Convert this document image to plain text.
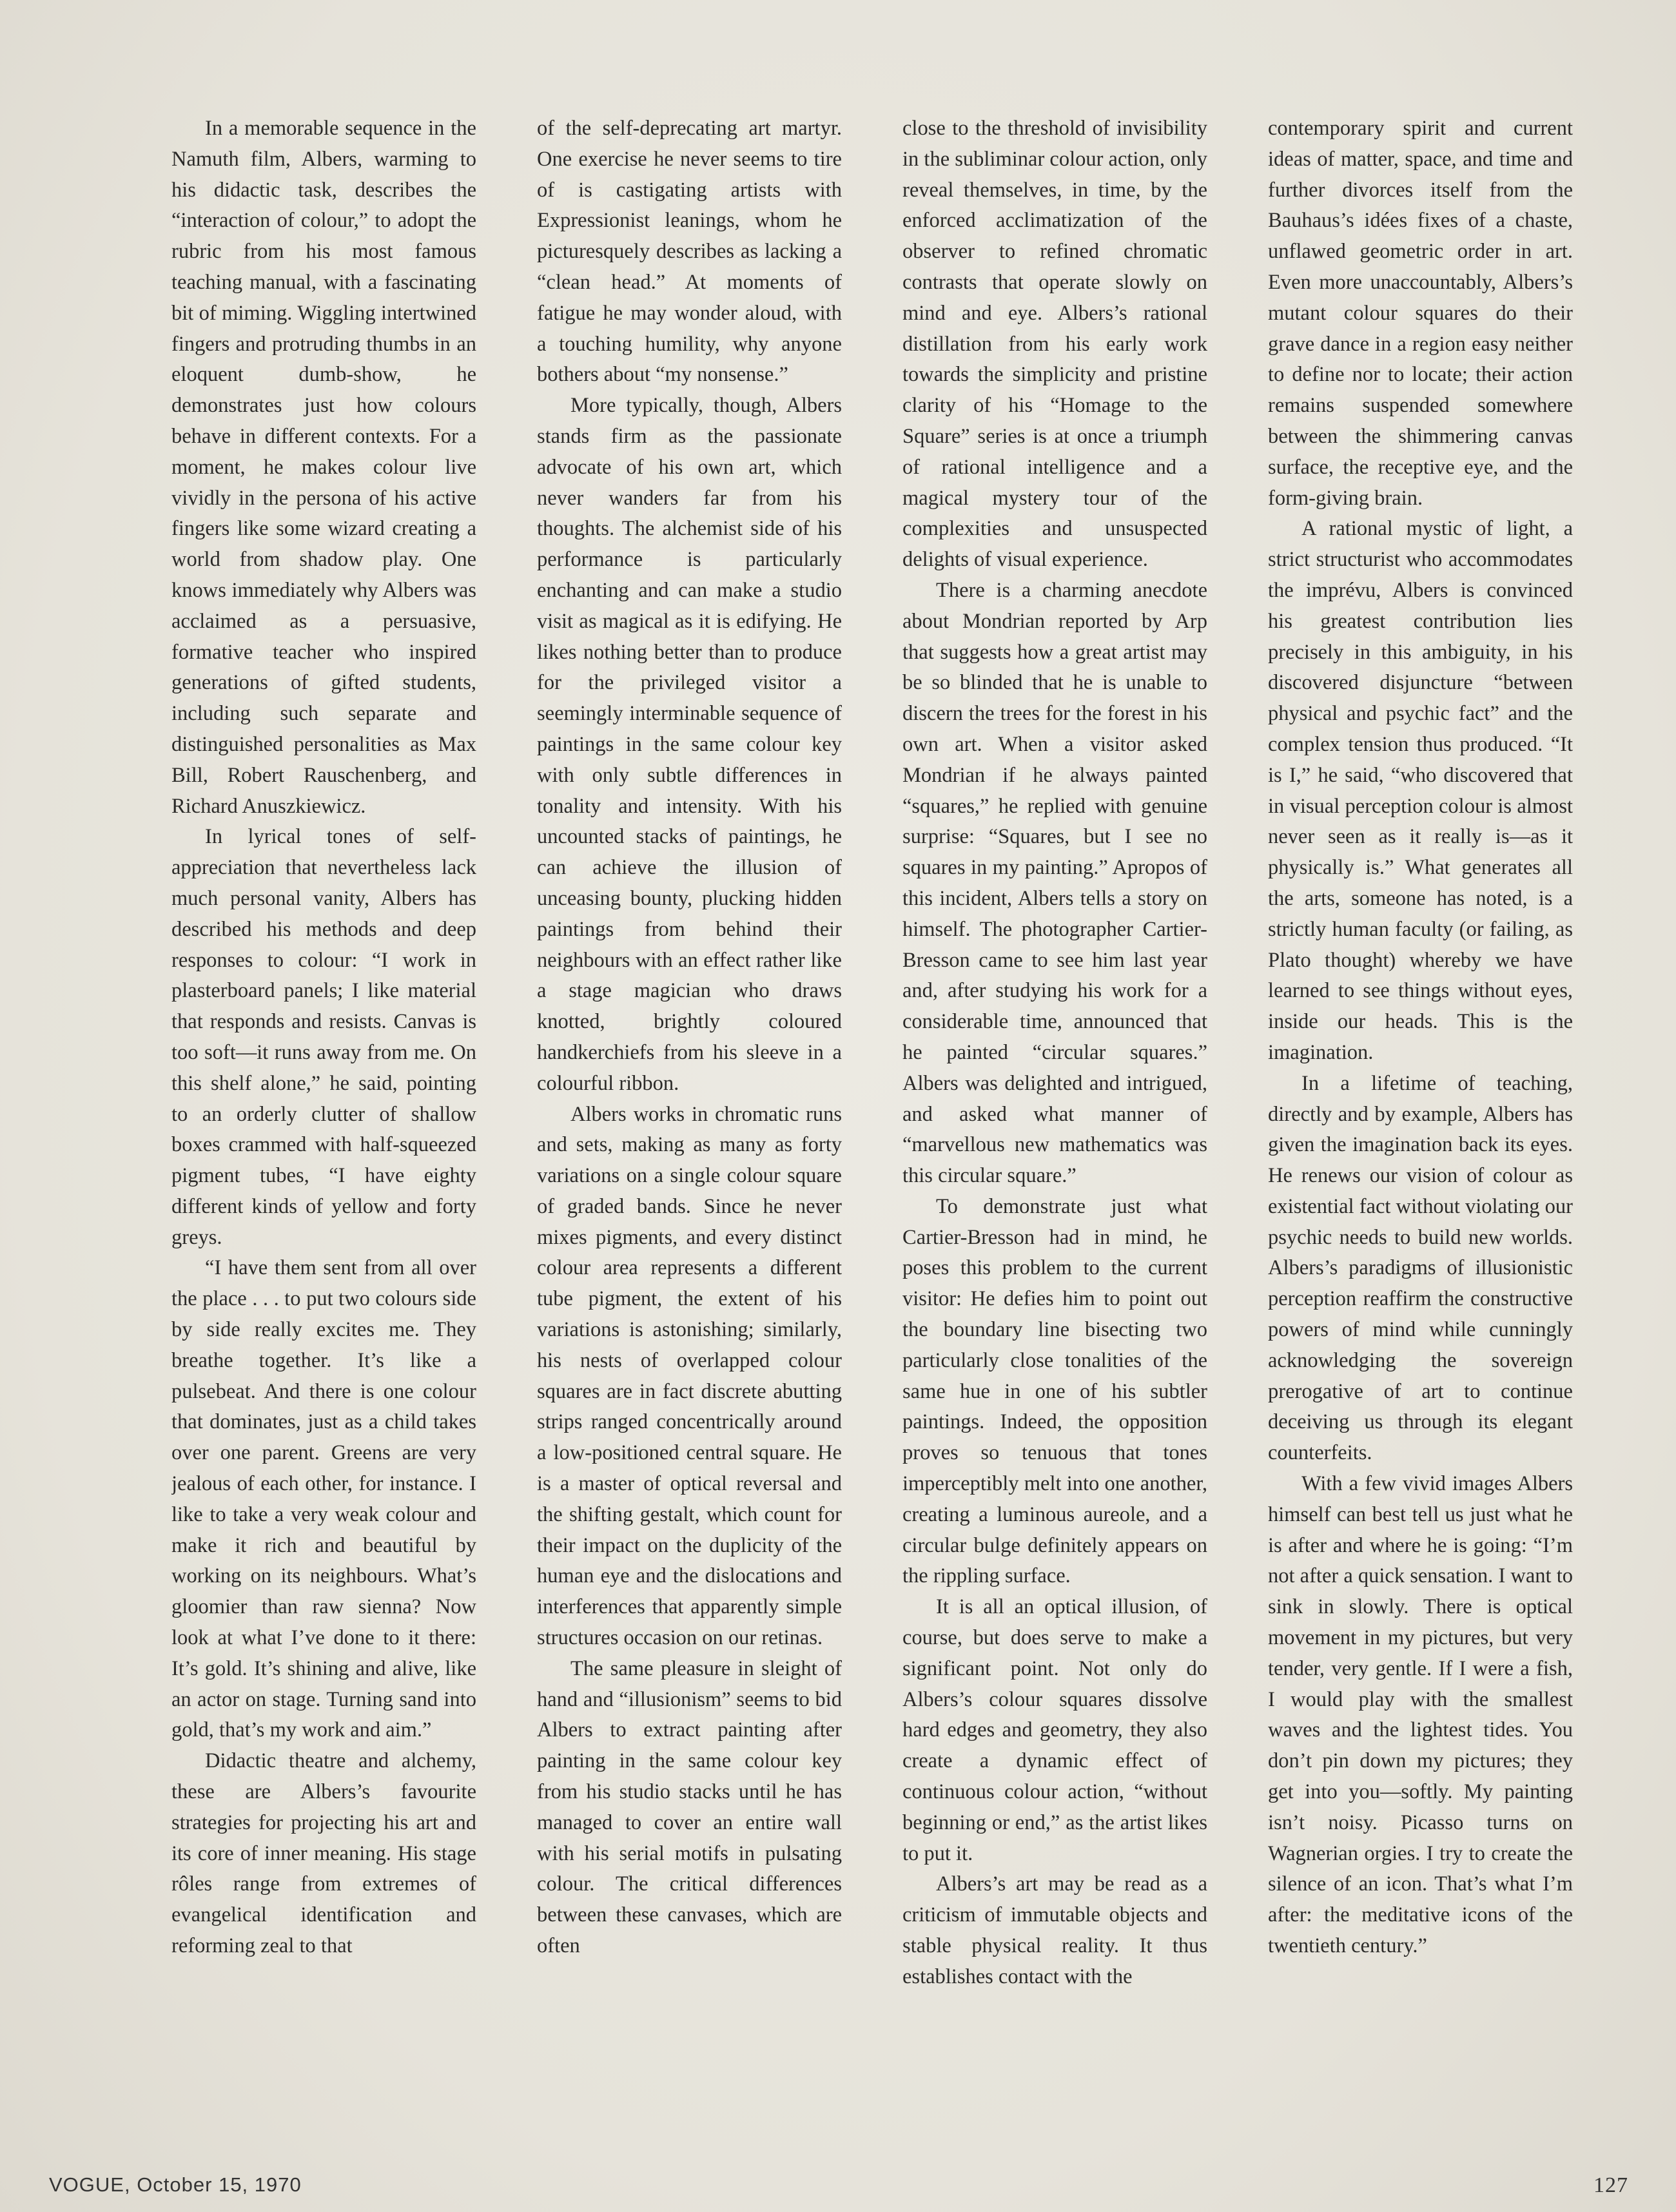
In a memorable sequence in the Namuth film, Albers, warming to his didactic task, describes the “interaction of colour,” to adopt the rubric from his most famous teaching manual, with a fascinating bit of miming. Wiggling intertwined fingers and protruding thumbs in an eloquent dumb-show, he demonstrates just how colours behave in different contexts. For a moment, he makes colour live vividly in the persona of his active fingers like some wizard creating a world from shadow play. One knows immediately why Albers was acclaimed as a persuasive, formative teacher who inspired generations of gifted students, including such separate and distinguished personalities as Max Bill, Robert Rauschenberg, and Richard Anuszkiewicz.

In lyrical tones of self-appreciation that nevertheless lack much personal vanity, Albers has described his methods and deep responses to colour: “I work in plasterboard panels; I like material that responds and resists. Canvas is too soft—it runs away from me. On this shelf alone,” he said, pointing to an orderly clutter of shallow boxes crammed with half-squeezed pigment tubes, “I have eighty different kinds of yellow and forty greys.

“I have them sent from all over the place . . . to put two colours side by side really excites me. They breathe together. It’s like a pulsebeat. And there is one colour that dominates, just as a child takes over one parent. Greens are very jealous of each other, for instance. I like to take a very weak colour and make it rich and beautiful by working on its neighbours. What’s gloomier than raw sienna? Now look at what I’ve done to it there: It’s gold. It’s shining and alive, like an actor on stage. Turning sand into gold, that’s my work and aim.”

Didactic theatre and alchemy, these are Albers’s favourite strategies for projecting his art and its core of inner meaning. His stage rôles range from extremes of evangelical identification and reforming zeal to that

of the self-deprecating art martyr. One exercise he never seems to tire of is castigating artists with Expressionist leanings, whom he picturesquely describes as lacking a “clean head.” At moments of fatigue he may wonder aloud, with a touching humility, why anyone bothers about “my nonsense.”

More typically, though, Albers stands firm as the passionate advocate of his own art, which never wanders far from his thoughts. The alchemist side of his performance is particularly enchanting and can make a studio visit as magical as it is edifying. He likes nothing better than to produce for the privileged visitor a seemingly interminable sequence of paintings in the same colour key with only subtle differences in tonality and intensity. With his uncounted stacks of paintings, he can achieve the illusion of unceasing bounty, plucking hidden paintings from behind their neighbours with an effect rather like a stage magician who draws knotted, brightly coloured handkerchiefs from his sleeve in a colourful ribbon.

Albers works in chromatic runs and sets, making as many as forty variations on a single colour square of graded bands. Since he never mixes pigments, and every distinct colour area represents a different tube pigment, the extent of his variations is astonishing; similarly, his nests of overlapped colour squares are in fact discrete abutting strips ranged concentrically around a low-positioned central square. He is a master of optical reversal and the shifting gestalt, which count for their impact on the duplicity of the human eye and the dislocations and interferences that apparently simple structures occasion on our retinas.

The same pleasure in sleight of hand and “illusionism” seems to bid Albers to extract painting after painting in the same colour key from his studio stacks until he has managed to cover an entire wall with his serial motifs in pulsating colour. The critical differences between these canvases, which are often

close to the threshold of invisibility in the subliminar colour action, only reveal themselves, in time, by the enforced acclimatization of the observer to refined chromatic contrasts that operate slowly on mind and eye. Albers’s rational distillation from his early work towards the simplicity and pristine clarity of his “Homage to the Square” series is at once a triumph of rational intelligence and a magical mystery tour of the complexities and unsuspected delights of visual experience.

There is a charming anecdote about Mondrian reported by Arp that suggests how a great artist may be so blinded that he is unable to discern the trees for the forest in his own art. When a visitor asked Mondrian if he always painted “squares,” he replied with genuine surprise: “Squares, but I see no squares in my painting.” Apropos of this incident, Albers tells a story on himself. The photographer Cartier-Bresson came to see him last year and, after studying his work for a considerable time, announced that he painted “circular squares.” Albers was delighted and intrigued, and asked what manner of “marvellous new mathematics was this circular square.”

To demonstrate just what Cartier-Bresson had in mind, he poses this problem to the current visitor: He defies him to point out the boundary line bisecting two particularly close tonalities of the same hue in one of his subtler paintings. Indeed, the opposition proves so tenuous that tones imperceptibly melt into one another, creating a luminous aureole, and a circular bulge definitely appears on the rippling surface.

It is all an optical illusion, of course, but does serve to make a significant point. Not only do Albers’s colour squares dissolve hard edges and geometry, they also create a dynamic effect of continuous colour action, “without beginning or end,” as the artist likes to put it.

Albers’s art may be read as a criticism of immutable objects and stable physical reality. It thus establishes contact with the

contemporary spirit and current ideas of matter, space, and time and further divorces itself from the Bauhaus’s idées fixes of a chaste, unflawed geometric order in art. Even more unaccountably, Albers’s mutant colour squares do their grave dance in a region easy neither to define nor to locate; their action remains suspended somewhere between the shimmering canvas surface, the receptive eye, and the form-giving brain.

A rational mystic of light, a strict structurist who accommodates the imprévu, Albers is convinced his greatest contribution lies precisely in this ambiguity, in his discovered disjuncture “between physical and psychic fact” and the complex tension thus produced. “It is I,” he said, “who discovered that in visual perception colour is almost never seen as it really is—as it physically is.” What generates all the arts, someone has noted, is a strictly human faculty (or failing, as Plato thought) whereby we have learned to see things without eyes, inside our heads. This is the imagination.

In a lifetime of teaching, directly and by example, Albers has given the imagination back its eyes. He renews our vision of colour as existential fact without violating our psychic needs to build new worlds. Albers’s paradigms of illusionistic perception reaffirm the constructive powers of mind while cunningly acknowledging the sovereign prerogative of art to continue deceiving us through its elegant counterfeits.

With a few vivid images Albers himself can best tell us just what he is after and where he is going: “I’m not after a quick sensation. I want to sink in slowly. There is optical movement in my pictures, but very tender, very gentle. If I were a fish, I would play with the smallest waves and the lightest tides. You don’t pin down my pictures; they get into you—softly. My painting isn’t noisy. Picasso turns on Wagnerian orgies. I try to create the silence of an icon. That’s what I’m after: the meditative icons of the twentieth century.”

VOGUE, October 15, 1970	127
